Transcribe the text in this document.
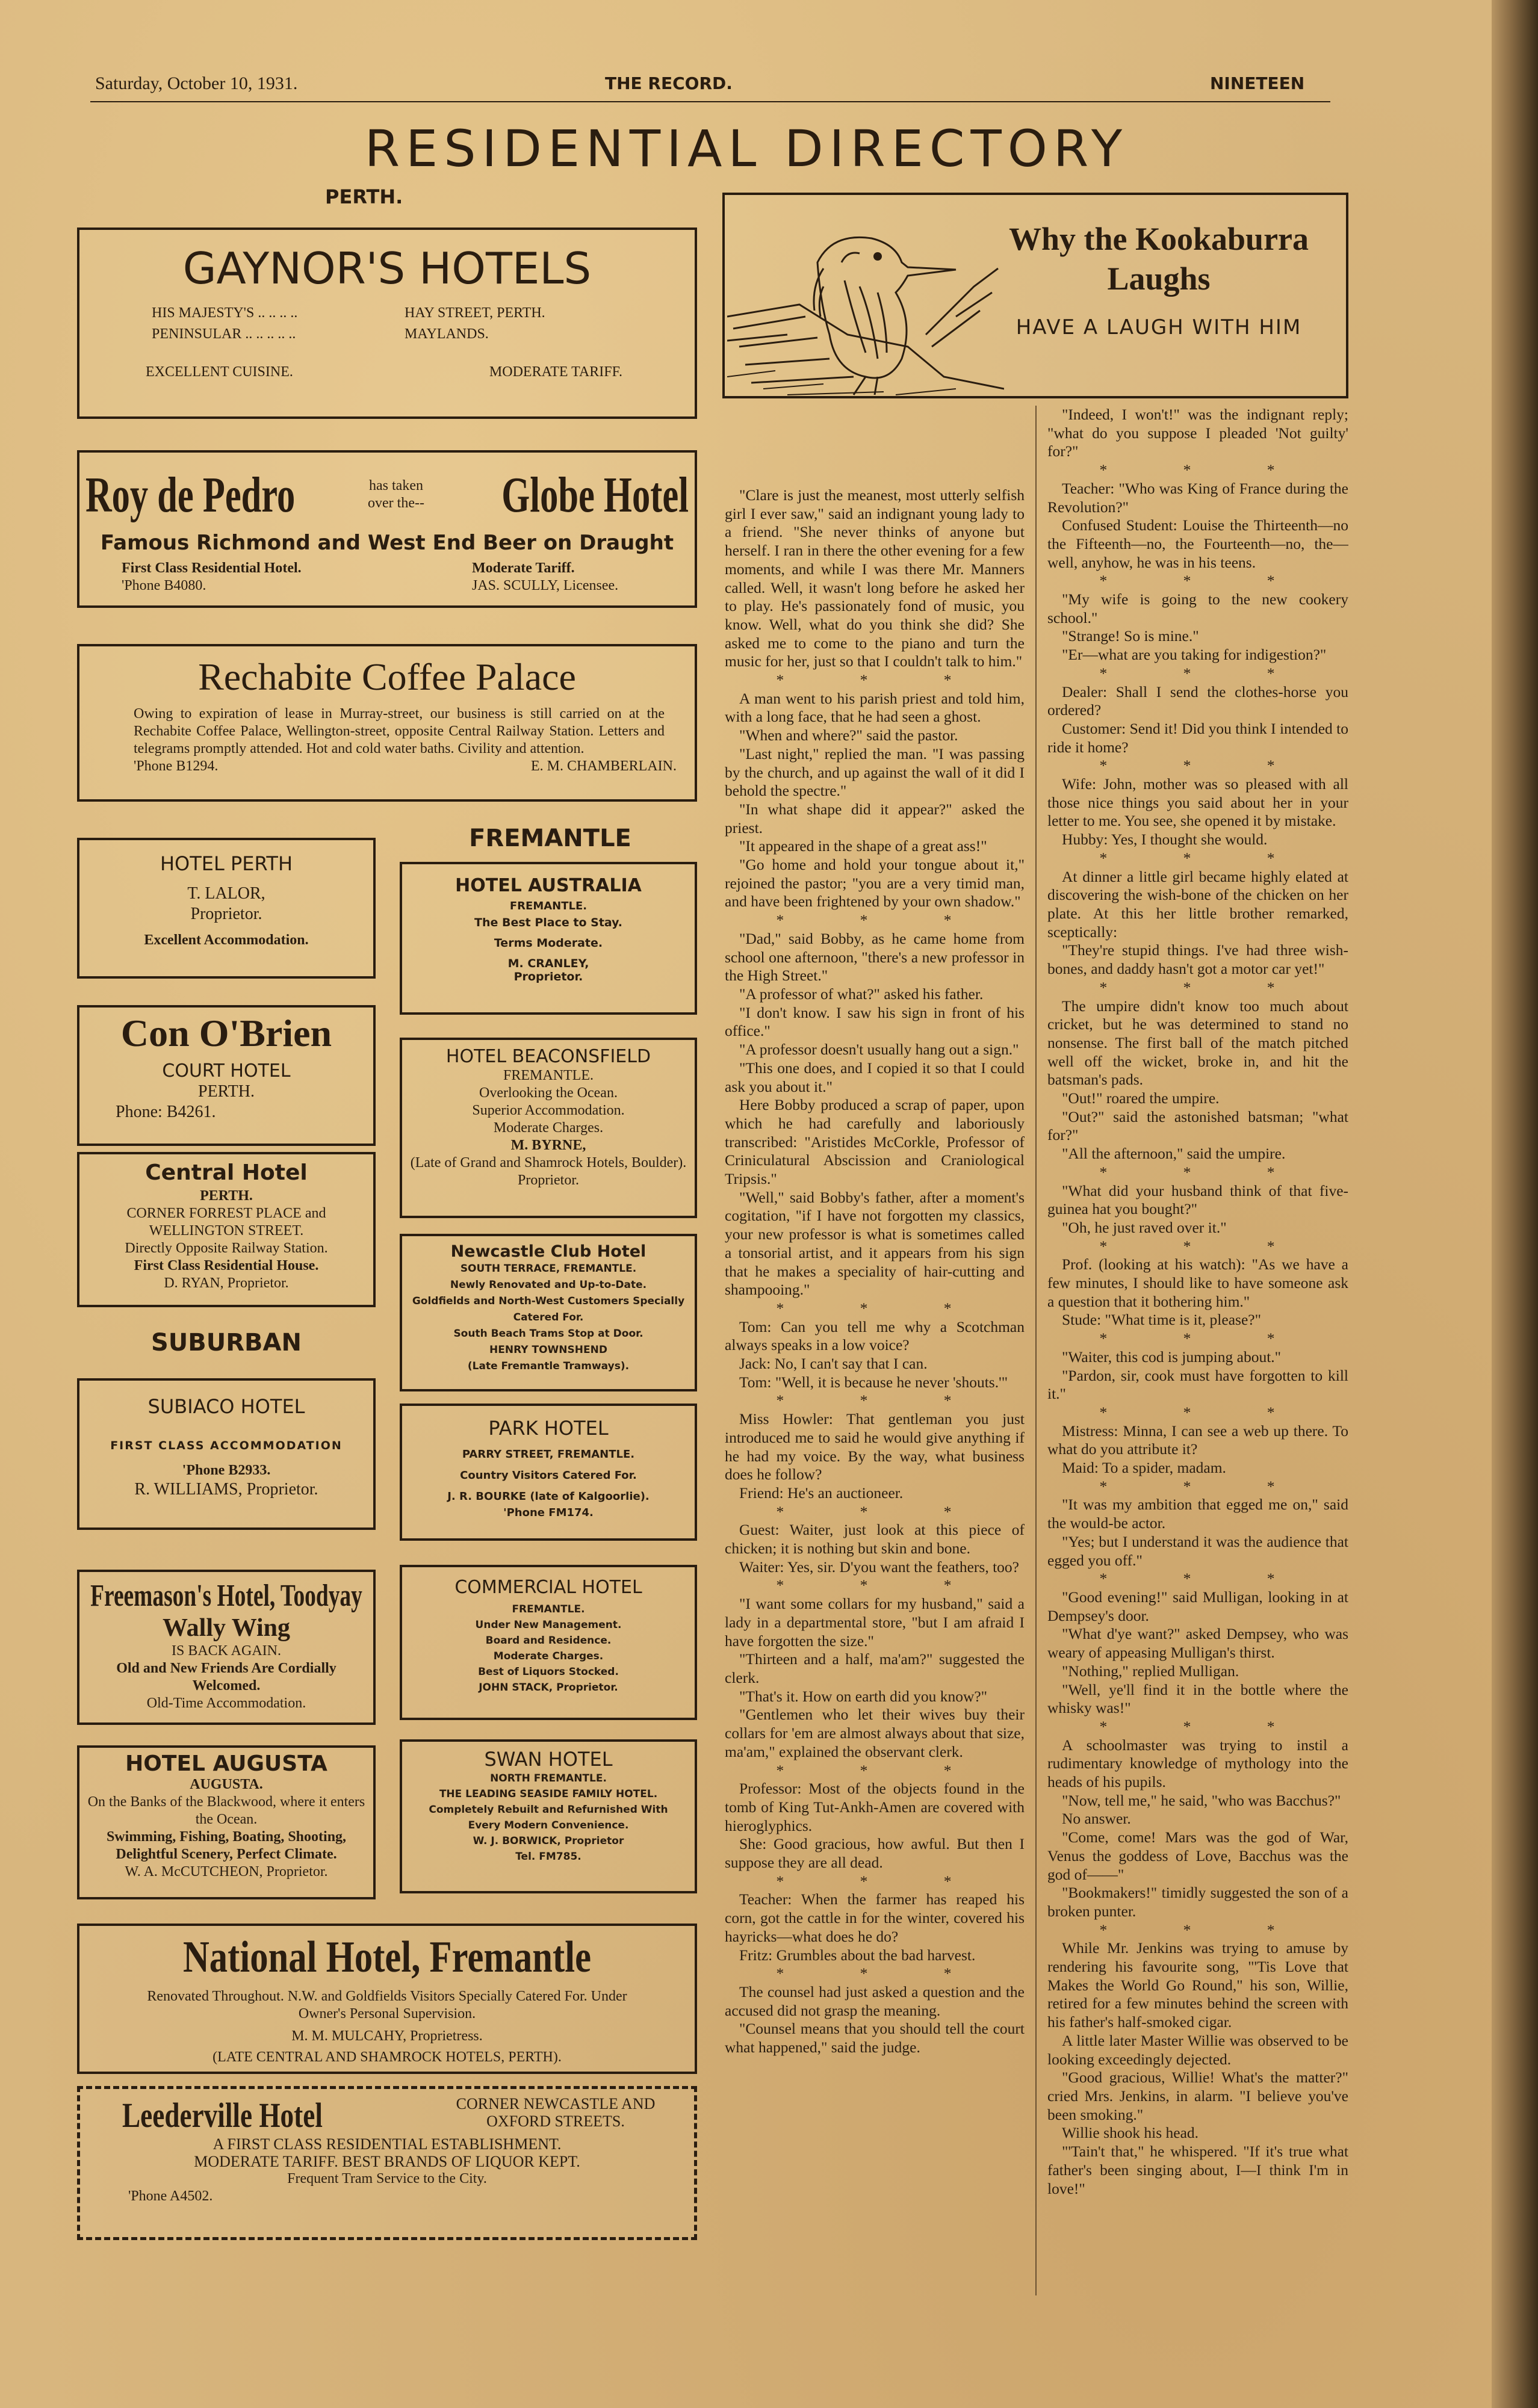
Saturday, October 10, 1931.	THE RECORD.	NINETEEN
RESIDENTIAL DIRECTORY
PERTH.
GAYNOR'S HOTELS
HIS MAJESTY'S .. .. .. ..	HAY STREET, PERTH.
PENINSULAR .. .. .. .. ..	MAYLANDS.
EXCELLENT CUISINE.	MODERATE TARIFF.
Roy de Pedro	has taken over the--	Globe Hotel
Famous Richmond and West End Beer on Draught
First Class Residential Hotel.
'Phone B4080.
Moderate Tariff.
JAS. SCULLY, Licensee.
Rechabite Coffee Palace
Owing to expiration of lease in Murray-street, our business is still carried on at the Rechabite Coffee Palace, Wellington-street, opposite Central Railway Station. Letters and telegrams promptly attended. Hot and cold water baths. Civility and attention.
'Phone B1294.	E. M. CHAMBERLAIN.
HOTEL PERTH
T. LALOR,
Proprietor.
Excellent Accommodation.
Con O'Brien
COURT HOTEL
PERTH.
Phone: B4261.
Central Hotel
PERTH.
CORNER FORREST PLACE and WELLINGTON STREET.
Directly Opposite Railway Station.
First Class Residential House.
D. RYAN, Proprietor.
SUBURBAN
SUBIACO HOTEL
FIRST CLASS ACCOMMODATION
'Phone B2933.
R. WILLIAMS, Proprietor.
Freemason's Hotel, Toodyay
Wally Wing
IS BACK AGAIN.
Old and New Friends Are Cordially Welcomed.
Old-Time Accommodation.
HOTEL AUGUSTA
AUGUSTA.
On the Banks of the Blackwood, where it enters the Ocean.
Swimming, Fishing, Boating, Shooting, Delightful Scenery, Perfect Climate.
W. A. McCUTCHEON, Proprietor.
FREMANTLE
HOTEL AUSTRALIA
FREMANTLE.
The Best Place to Stay.
Terms Moderate.
M. CRANLEY,
Proprietor.
HOTEL BEACONSFIELD
FREMANTLE.
Overlooking the Ocean.
Superior Accommodation.
Moderate Charges.
M. BYRNE,
(Late of Grand and Shamrock Hotels, Boulder).
Proprietor.
Newcastle Club Hotel
SOUTH TERRACE, FREMANTLE.
Newly Renovated and Up-to-Date.
Goldfields and North-West Customers Specially Catered For.
South Beach Trams Stop at Door.
HENRY TOWNSHEND
(Late Fremantle Tramways).
PARK HOTEL
PARRY STREET, FREMANTLE.
Country Visitors Catered For.
J. R. BOURKE (late of Kalgoorlie).
'Phone FM174.
COMMERCIAL HOTEL
FREMANTLE.
Under New Management.
Board and Residence.
Moderate Charges.
Best of Liquors Stocked.
JOHN STACK, Proprietor.
SWAN HOTEL
NORTH FREMANTLE.
THE LEADING SEASIDE FAMILY HOTEL.
Completely Rebuilt and Refurnished With Every Modern Convenience.
W. J. BORWICK, Proprietor
Tel. FM785.
National Hotel, Fremantle
Renovated Throughout. N.W. and Goldfields Visitors Specially Catered For. Under Owner's Personal Supervision.
M. M. MULCAHY, Proprietress.
(LATE CENTRAL AND SHAMROCK HOTELS, PERTH).
Leederville Hotel	CORNER NEWCASTLE AND OXFORD STREETS.
A FIRST CLASS RESIDENTIAL ESTABLISHMENT.
MODERATE TARIFF. BEST BRANDS OF LIQUOR KEPT.
Frequent Tram Service to the City.
'Phone A4502.
Why the Kookaburra Laughs
HAVE A LAUGH WITH HIM

"Clare is just the meanest, most utterly selfish girl I ever saw," said an indignant young lady to a friend. "She never thinks of anyone but herself. I ran in there the other evening for a few moments, and while I was there Mr. Manners called. Well, it wasn't long before he asked her to play. He's passionately fond of music, you know. Well, what do you think she did? She asked me to come to the piano and turn the music for her, just so that I couldn't talk to him."

* * *

A man went to his parish priest and told him, with a long face, that he had seen a ghost.

"When and where?" said the pastor.

"Last night," replied the man. "I was passing by the church, and up against the wall of it did I behold the spectre."

"In what shape did it appear?" asked the priest.

"It appeared in the shape of a great ass!"

"Go home and hold your tongue about it," rejoined the pastor; "you are a very timid man, and have been frightened by your own shadow."

* * *

"Dad," said Bobby, as he came home from school one afternoon, "there's a new professor in the High Street."

"A professor of what?" asked his father.

"I don't know. I saw his sign in front of his office."

"A professor doesn't usually hang out a sign."

"This one does, and I copied it so that I could ask you about it."

Here Bobby produced a scrap of paper, upon which he had carefully and laboriously transcribed: "Aristides McCorkle, Professor of Criniculatural Abscission and Craniological Tripsis."

"Well," said Bobby's father, after a moment's cogitation, "if I have not forgotten my classics, your new professor is what is sometimes called a tonsorial artist, and it appears from his sign that he makes a speciality of hair-cutting and shampooing."

* * *

Tom: Can you tell me why a Scotchman always speaks in a low voice?

Jack: No, I can't say that I can.

Tom: "Well, it is because he never 'shouts.'"

* * *

Miss Howler: That gentleman you just introduced me to said he would give anything if he had my voice. By the way, what business does he follow?

Friend: He's an auctioneer.

* * *

Guest: Waiter, just look at this piece of chicken; it is nothing but skin and bone.

Waiter: Yes, sir. D'you want the feathers, too?

* * *

"I want some collars for my husband," said a lady in a departmental store, "but I am afraid I have forgotten the size."

"Thirteen and a half, ma'am?" suggested the clerk.

"That's it. How on earth did you know?"

"Gentlemen who let their wives buy their collars for 'em are almost always about that size, ma'am," explained the observant clerk.

* * *

Professor: Most of the objects found in the tomb of King Tut-Ankh-Amen are covered with hieroglyphics.

She: Good gracious, how awful. But then I suppose they are all dead.

* * *

Teacher: When the farmer has reaped his corn, got the cattle in for the winter, covered his hayricks—what does he do?

Fritz: Grumbles about the bad harvest.

* * *

The counsel had just asked a question and the accused did not grasp the meaning.

"Counsel means that you should tell the court what happened," said the judge.

"Indeed, I won't!" was the indignant reply; "what do you suppose I pleaded 'Not guilty' for?"

* * *

Teacher: "Who was King of France during the Revolution?"

Confused Student: Louise the Thirteenth—no the Fifteenth—no, the Fourteenth—no, the—well, anyhow, he was in his teens.

* * *

"My wife is going to the new cookery school."

"Strange! So is mine."

"Er—what are you taking for indigestion?"

* * *

Dealer: Shall I send the clothes-horse you ordered?

Customer: Send it! Did you think I intended to ride it home?

* * *

Wife: John, mother was so pleased with all those nice things you said about her in your letter to me. You see, she opened it by mistake.

Hubby: Yes, I thought she would.

* * *

At dinner a little girl became highly elated at discovering the wish-bone of the chicken on her plate. At this her little brother remarked, sceptically:

"They're stupid things. I've had three wish-bones, and daddy hasn't got a motor car yet!"

* * *

The umpire didn't know too much about cricket, but he was determined to stand no nonsense. The first ball of the match pitched well off the wicket, broke in, and hit the batsman's pads.

"Out!" roared the umpire.

"Out?" said the astonished batsman; "what for?"

"All the afternoon," said the umpire.

* * *

"What did your husband think of that five-guinea hat you bought?"

"Oh, he just raved over it."

* * *

Prof. (looking at his watch): "As we have a few minutes, I should like to have someone ask a question that it bothering him."

Stude: "What time is it, please?"

* * *

"Waiter, this cod is jumping about."

"Pardon, sir, cook must have forgotten to kill it."

* * *

Mistress: Minna, I can see a web up there. To what do you attribute it?

Maid: To a spider, madam.

* * *

"It was my ambition that egged me on," said the would-be actor.

"Yes; but I understand it was the audience that egged you off."

* * *

"Good evening!" said Mulligan, looking in at Dempsey's door.

"What d'ye want?" asked Dempsey, who was weary of appeasing Mulligan's thirst.

"Nothing," replied Mulligan.

"Well, ye'll find it in the bottle where the whisky was!"

* * *

A schoolmaster was trying to instil a rudimentary knowledge of mythology into the heads of his pupils.

"Now, tell me," he said, "who was Bacchus?"

No answer.

"Come, come! Mars was the god of War, Venus the goddess of Love, Bacchus was the god of——"

"Bookmakers!" timidly suggested the son of a broken punter.

* * *

While Mr. Jenkins was trying to amuse by rendering his favourite song, "'Tis Love that Makes the World Go Round," his son, Willie, retired for a few minutes behind the screen with his father's half-smoked cigar.

A little later Master Willie was observed to be looking exceedingly dejected.

"Good gracious, Willie! What's the matter?" cried Mrs. Jenkins, in alarm. "I believe you've been smoking."

Willie shook his head.

"'Tain't that," he whispered. "If it's true what father's been singing about, I—I think I'm in love!"
